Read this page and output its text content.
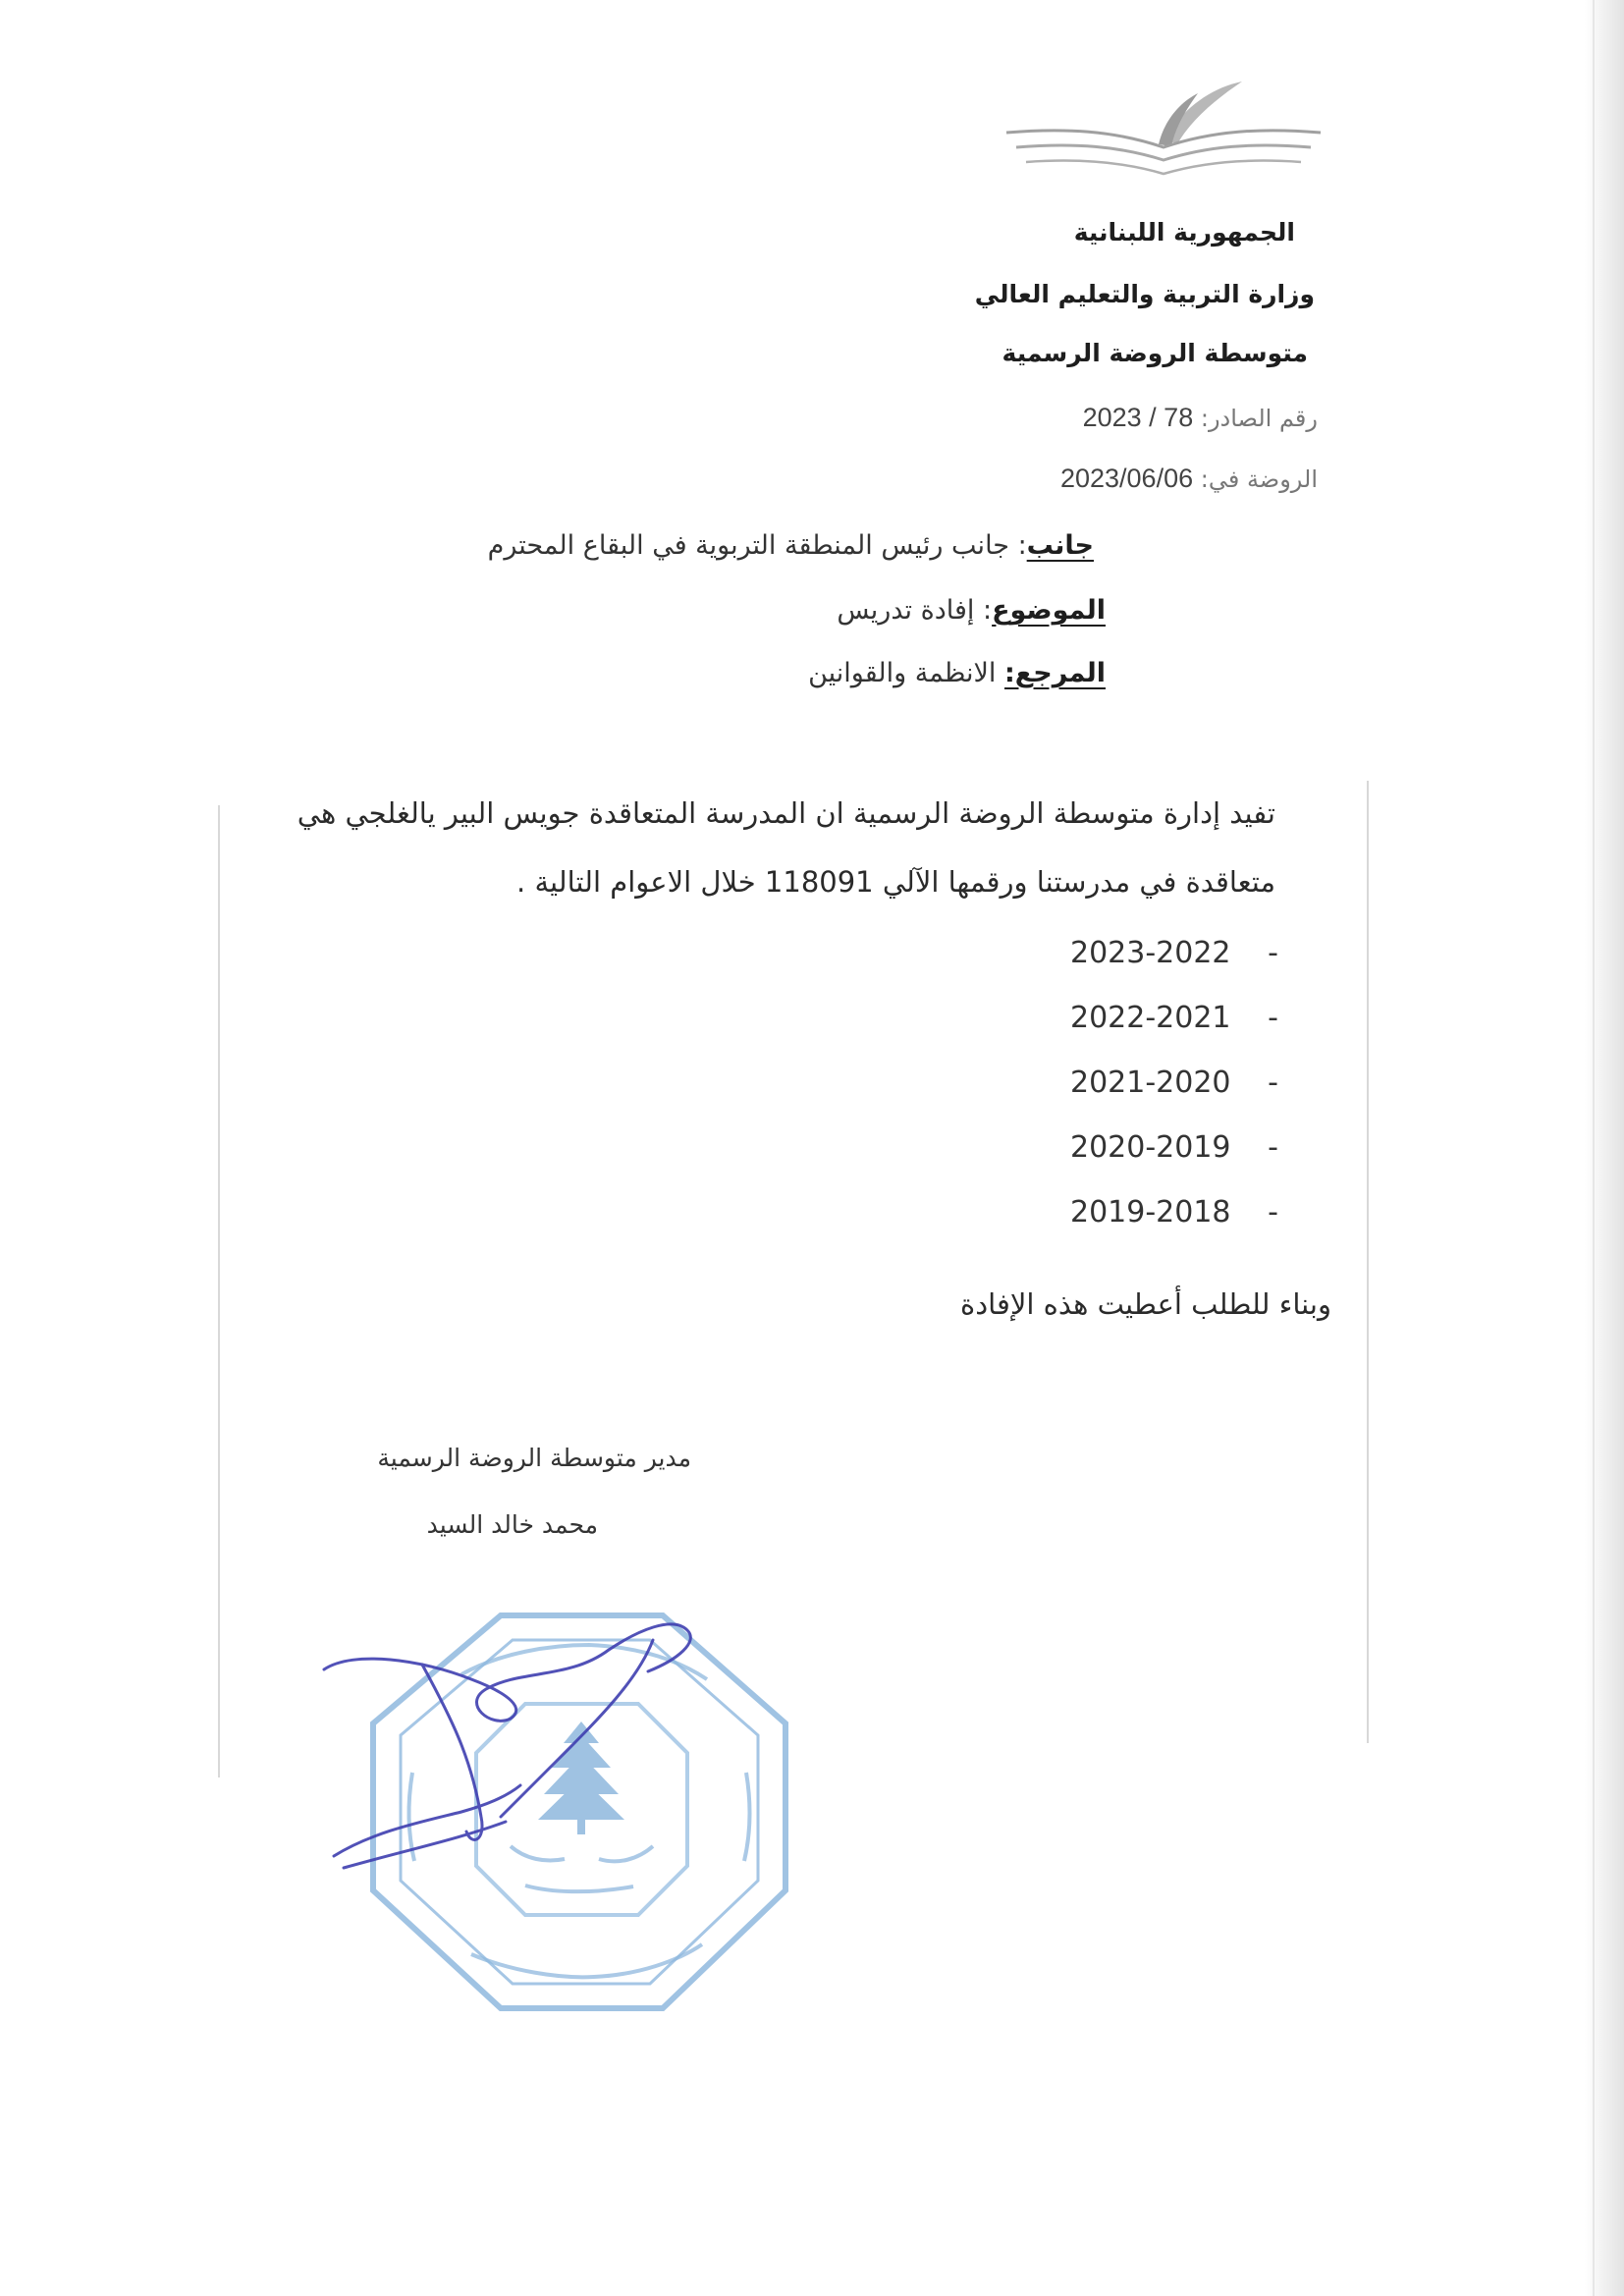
الجمهورية اللبنانية
وزارة التربية والتعليم العالي
متوسطة الروضة الرسمية
رقم الصادر: 78 / 2023
الروضة في: 2023/06/06
جانب: جانب رئيس المنطقة التربوية في البقاع المحترم
الموضوع: إفادة تدريس
المرجع: الانظمة والقوانين
تفيد إدارة متوسطة الروضة الرسمية ان المدرسة المتعاقدة جويس البير يالغلجي هي
متعاقدة في مدرستنا ورقمها الآلي 118091 خلال الاعوام التالية .
2023-2022 -
2022-2021 -
2021-2020 -
2020-2019 -
2019-2018 -
وبناء للطلب أعطيت هذه الإفادة
مدير متوسطة الروضة الرسمية
محمد خالد السيد
